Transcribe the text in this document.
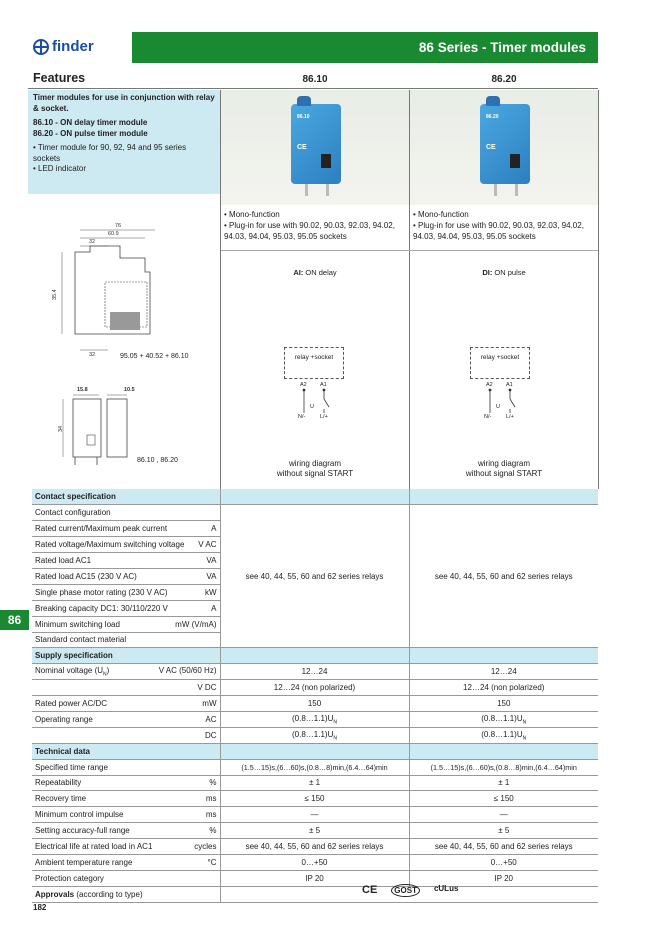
finder	86 Series - Timer modules
Features	86.10	86.20

Timer modules for use in conjunction with relay & socket.

86.10 - ON delay timer module

86.20 - ON pulse timer module

• Timer module for 90, 92, 94 and 95 series sockets
• LED indicator
86.10
CE
86.20
CE
• Mono-function
• Plug-in for use with 90.02, 90.03, 92.03, 94.02, 94.03, 94.04, 95.03, 95.05 sockets
• Mono-function
• Plug-in for use with 90.02, 90.03, 92.03, 94.02, 94.03, 94.04, 95.03, 95.05 sockets
AI: ON delay	DI: ON pulse
relay +socket
A2 A1
U
N/-	L/+
relay +socket
A2 A1
U
N/-	L/+
wiring diagram
without signal START
wiring diagram
without signal START
76
60.9
32
35.4
32	95.05 + 40.52 + 86.10
15.8	10.5
34
86.10 , 86.20
86
Contact specification		

Contact configuration	see 40, 44, 55, 60 and 62 series relays	see 40, 44, 55, 60 and 62 series relays

Rated current/Maximum peak current A		

Rated voltage/Maximum switching voltage V AC		

Rated load AC1 VA		

Rated load AC15 (230 V AC) VA		

Single phase motor rating (230 V AC) kW		

Breaking capacity DC1: 30/110/220 V A		

Minimum switching load mW (V/mA)		

Standard contact material		

Supply specification		

Nominal voltage $(U_N)$ V AC (50/60 Hz)	12…24	12…24

V DC	12…24 (non polarized)	12…24 (non polarized)

Rated power AC/DC mW	150	150

Operating range AC	$(0.8\dots 1.1)U_N$	$(0.8\dots 1.1)U_N$

DC	$(0.8\dots 1.1)U_N$	$(0.8\dots 1.1)U_N$
Technical data		

Specified time range	(1.5…15)s,(6…60)s,(0.8…8)min,(6.4…64)min	(1.5…15)s,(6…60)s,(0.8…8)min,(6.4…64)min

Repeatability %	± 1	± 1

Recovery time ms	≤ 150	≤ 150

Minimum control impulse ms	—	—

Setting accuracy-full range %	± 5	± 5

Electrical life at rated load in AC1 cycles	see 40, 44, 55, 60 and 62 series relays	see 40, 44, 55, 60 and 62 series relays

Ambient temperature range °C	0…+50	0…+50

Protection category	IP 20	IP 20
Approvals (according to type)			CE	GOST	cULus
182
